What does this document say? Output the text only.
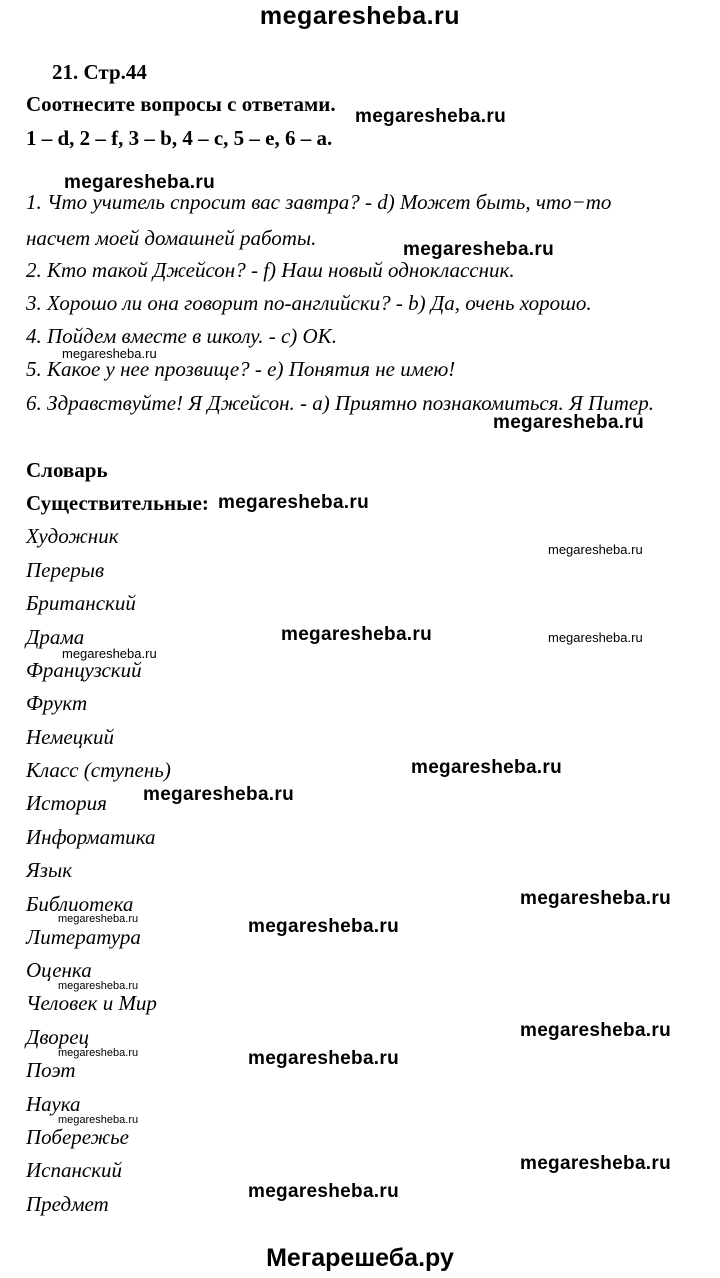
megaresheba.ru
21. Стр.44
Соотнесите вопросы с ответами.
1 – d, 2 – f, 3 – b, 4 – c, 5 – e, 6 – a.
1. Что учитель спросит вас завтра? - d) Может быть, что−то
насчет моей домашней работы.
2. Кто такой Джейсон? - f) Наш новый одноклассник.
3. Хорошо ли она говорит по-английски? - b) Да, очень хорошо.
4. Пойдем вместе в школу. - c) OK.
5. Какое у нее прозвище? - e) Понятия не имею!
6. Здравствуйте! Я Джейсон. - a) Приятно познакомиться. Я Питер.
Словарь
Существительные:
Художник
Перерыв
Британский
Драма
Французский
Фрукт
Немецкий
Класс (ступень)
История
Информатика
Язык
Библиотека
Литература
Оценка
Человек и Мир
Дворец
Поэт
Наука
Побережье
Испанский
Предмет
megaresheba.ru
megaresheba.ru
megaresheba.ru
megaresheba.ru
megaresheba.ru
megaresheba.ru
megaresheba.ru
megaresheba.ru	megaresheba.ru
megaresheba.ru
megaresheba.ru
megaresheba.ru
megaresheba.ru
megaresheba.ru	megaresheba.ru
megaresheba.ru
megaresheba.ru
megaresheba.ru	megaresheba.ru
megaresheba.ru
megaresheba.ru
megaresheba.ru
Мегарешеба.ру
